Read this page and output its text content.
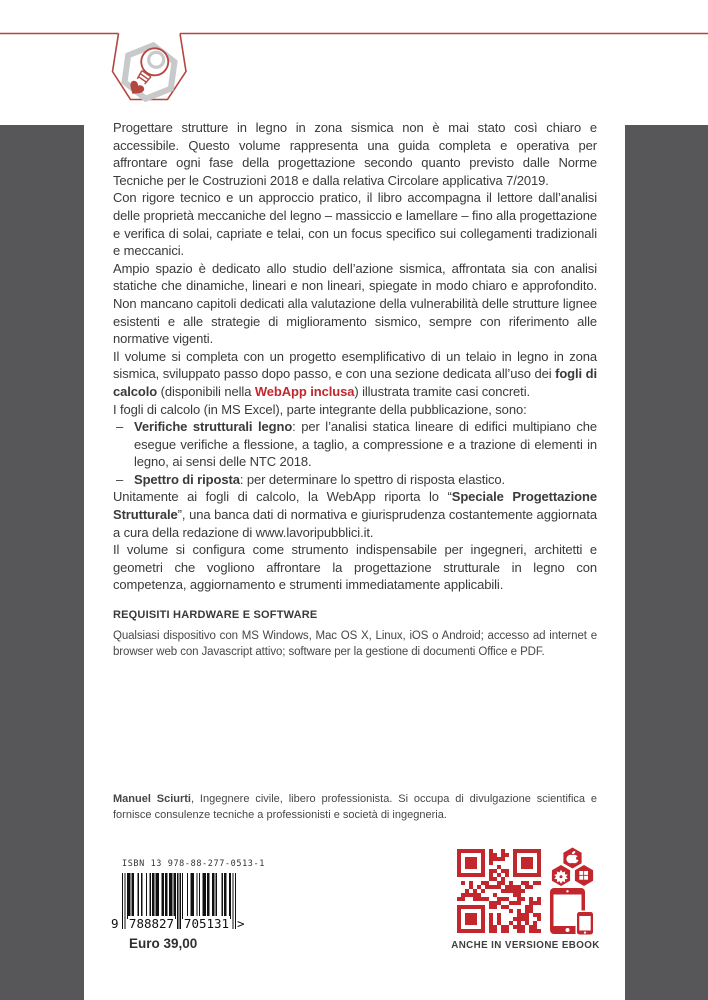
Progettare strutture in legno in zona sismica non è mai stato così chiaro e accessibile. Questo volume rappresenta una guida completa e operativa per affrontare ogni fase della progettazione secondo quanto previsto dalle Norme Tecniche per le Costruzioni 2018 e dalla relativa Circolare applicativa 7/2019.
Con rigore tecnico e un approccio pratico, il libro accompagna il lettore dall’analisi delle proprietà meccaniche del legno – massiccio e lamellare – fino alla progettazione e verifica di solai, capriate e telai, con un focus specifico sui collegamenti tradizionali e meccanici.
Ampio spazio è dedicato allo studio dell’azione sismica, affrontata sia con analisi statiche che dinamiche, lineari e non lineari, spiegate in modo chiaro e approfondito. Non mancano capitoli dedicati alla valutazione della vulnerabilità delle strutture lignee esistenti e alle strategie di miglioramento sismico, sempre con riferimento alle normative vigenti.
Il volume si completa con un progetto esemplificativo di un telaio in legno in zona sismica, sviluppato passo dopo passo, e con una sezione dedicata all’uso dei fogli di calcolo (disponibili nella WebApp inclusa) illustrata tramite casi concreti.
I fogli di calcolo (in MS Excel), parte integrante della pubblicazione, sono:
– Verifiche strutturali legno: per l’analisi statica lineare di edifici multipiano che esegue verifiche a flessione, a taglio, a compressione e a trazione di elementi in legno, ai sensi delle NTC 2018.
– Spettro di riposta: per determinare lo spettro di risposta elastico.
Unitamente ai fogli di calcolo, la WebApp riporta lo “Speciale Progettazione Strutturale”, una banca dati di normativa e giurisprudenza costantemente aggiornata a cura della redazione di www.lavoripubblici.it.
Il volume si configura come strumento indispensabile per ingegneri, architetti e geometri che vogliono affrontare la progettazione strutturale in legno con competenza, aggiornamento e strumenti immediatamente applicabili.

REQUISITI HARDWARE E SOFTWARE

Qualsiasi dispositivo con MS Windows, Mac OS X, Linux, iOS o Android; accesso ad internet e browser web con Javascript attivo; software per la gestione di documenti Office e PDF.

Manuel Sciurti, Ingegnere civile, libero professionista. Si occupa di divulgazione scientifica e fornisce consulenze tecniche a professionisti e società di ingegneria.
ISBN 13 978-88-277-0513-1
9 788827 705131 >
Euro 39,00	ANCHE IN VERSIONE EBOOK
